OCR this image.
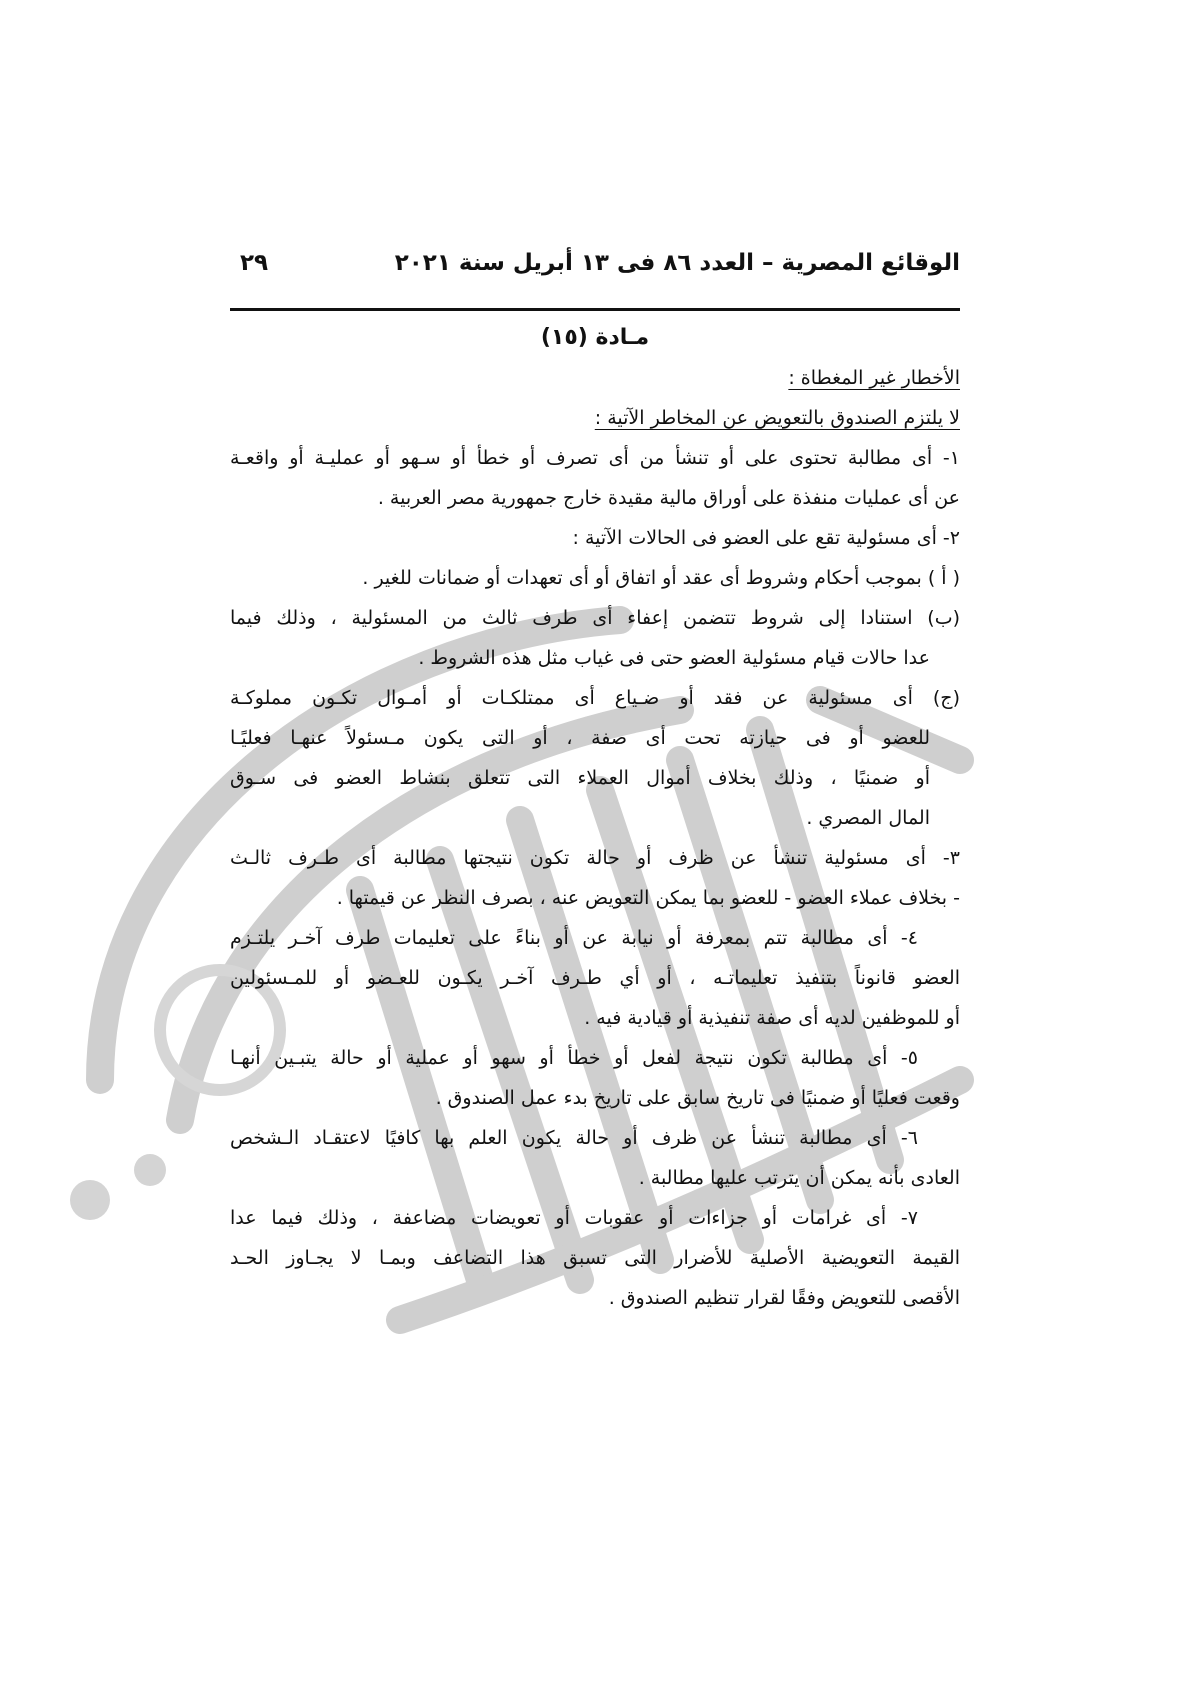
الوقائع المصرية – العدد ٨٦ فى ١٣ أبريل سنة ٢٠٢١
٢٩
مـادة (١٥)
الأخطار غير المغطاة :
لا يلتزم الصندوق بالتعويض عن المخاطر الآتية :
١- أى مطالبة تحتوى على أو تنشأ من أى تصرف أو خطأ أو سـهو أو عمليـة أو واقعـة
عن أى عمليات منفذة على أوراق مالية مقيدة خارج جمهورية مصر العربية .
٢- أى مسئولية تقع على العضو فى الحالات الآتية :
( أ ) بموجب أحكام وشروط أى عقد أو اتفاق أو أى تعهدات أو ضمانات للغير .
(ب) استنادا إلى شروط تتضمن إعفاء أى طرف ثالث من المسئولية ، وذلك فيما
عدا حالات قيام مسئولية العضو حتى فى غياب مثل هذه الشروط .
(ج) أى مسئولية عن فقد أو ضـياع أى ممتلكـات أو أمـوال تكـون مملوكـة
للعضو أو فى حيازته تحت أى صفة ، أو التى يكون مـسئولاً عنهـا فعليًـا
أو ضمنيًا ، وذلك بخلاف أموال العملاء التى تتعلق بنشاط العضو فى سـوق
المال المصري .
٣- أى مسئولية تنشأ عن ظرف أو حالة تكون نتيجتها مطالبة أى طـرف ثالـث
- بخلاف عملاء العضو - للعضو بما يمكن التعويض عنه ، بصرف النظر عن قيمتها .
٤- أى مطالبة تتم بمعرفة أو نيابة عن أو بناءً على تعليمات طرف آخـر يلتـزم
العضو قانوناً بتنفيذ تعليماتـه ، أو أي طـرف آخـر يكـون للعـضو أو للمـسئولين
أو للموظفين لديه أى صفة تنفيذية أو قيادية فيه .
٥- أى مطالبة تكون نتيجة لفعل أو خطأ أو سهو أو عملية أو حالة يتبـين أنهـا
وقعت فعليًا أو ضمنيًا فى تاريخ سابق على تاريخ بدء عمل الصندوق .
٦- أى مطالبة تنشأ عن ظرف أو حالة يكون العلم بها كافيًا لاعتقـاد الـشخص
العادى بأنه يمكن أن يترتب عليها مطالبة .
٧- أى غرامات أو جزاءات أو عقوبات أو تعويضات مضاعفة ، وذلك فيما عدا
القيمة التعويضية الأصلية للأضرار التى تسبق هذا التضاعف وبمـا لا يجـاوز الحـد
الأقصى للتعويض وفقًا لقرار تنظيم الصندوق .
